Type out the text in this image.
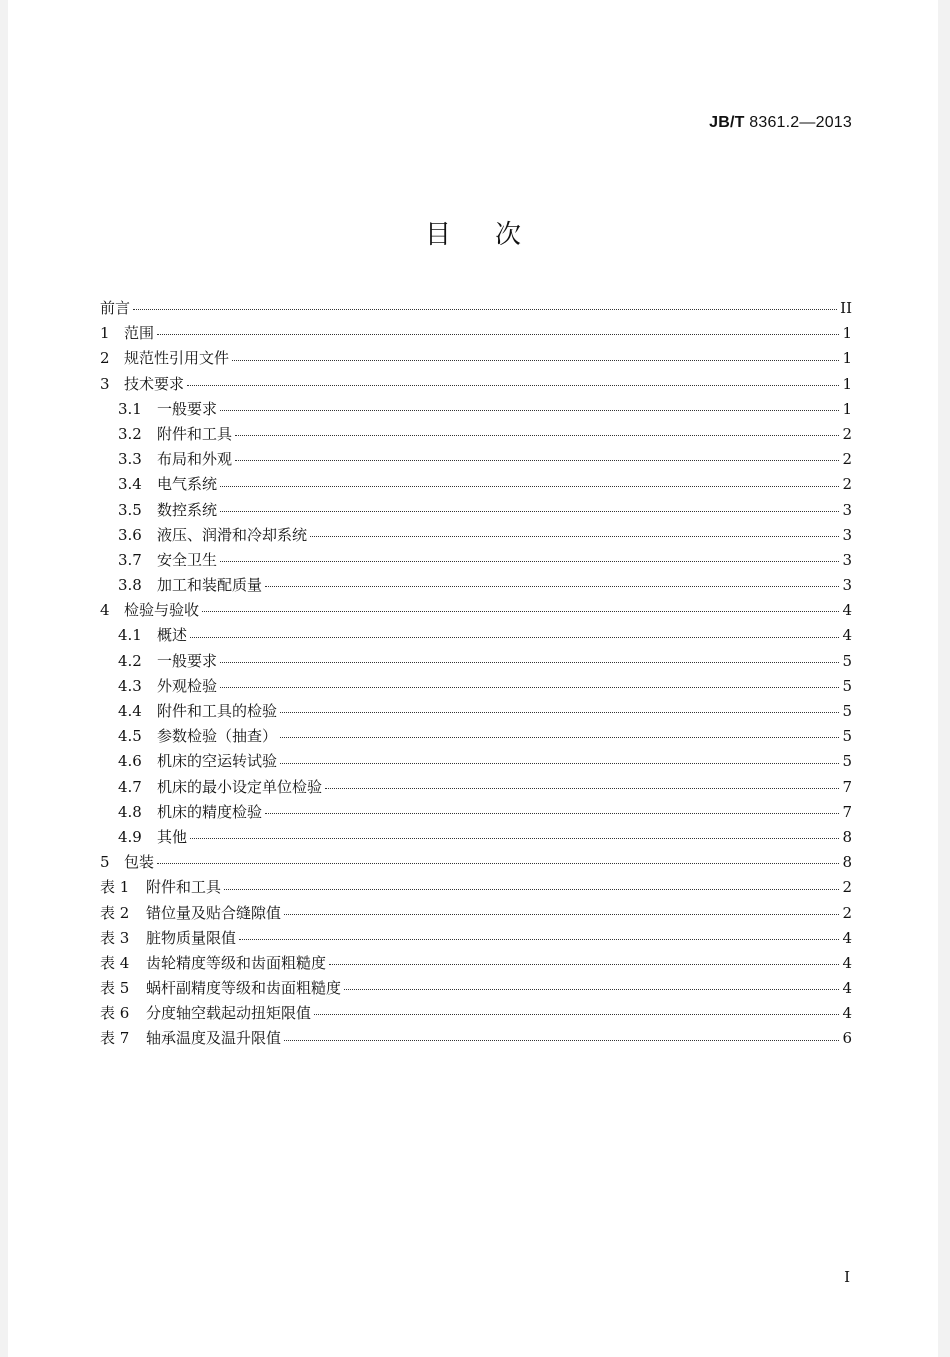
JB/T 8361.2—2013
目次
前言	II
1 范围	1
2 规范性引用文件	1
3 技术要求	1
3.1	一般要求	1
3.2	附件和工具	2
3.3	布局和外观	2
3.4	电气系统	2
3.5	数控系统	3
3.6	液压、润滑和冷却系统	3
3.7	安全卫生	3
3.8	加工和装配质量	3
4 检验与验收	4
4.1	概述	4
4.2	一般要求	5
4.3	外观检验	5
4.4	附件和工具的检验	5
4.5	参数检验（抽查）	5
4.6	机床的空运转试验	5
4.7	机床的最小设定单位检验	7
4.8	机床的精度检验	7
4.9	其他	8
5 包装	8
表 1	附件和工具	2
表 2	错位量及贴合缝隙值	2
表 3	脏物质量限值	4
表 4	齿轮精度等级和齿面粗糙度	4
表 5	蜗杆副精度等级和齿面粗糙度	4
表 6	分度轴空载起动扭矩限值	4
表 7	轴承温度及温升限值	6
I
